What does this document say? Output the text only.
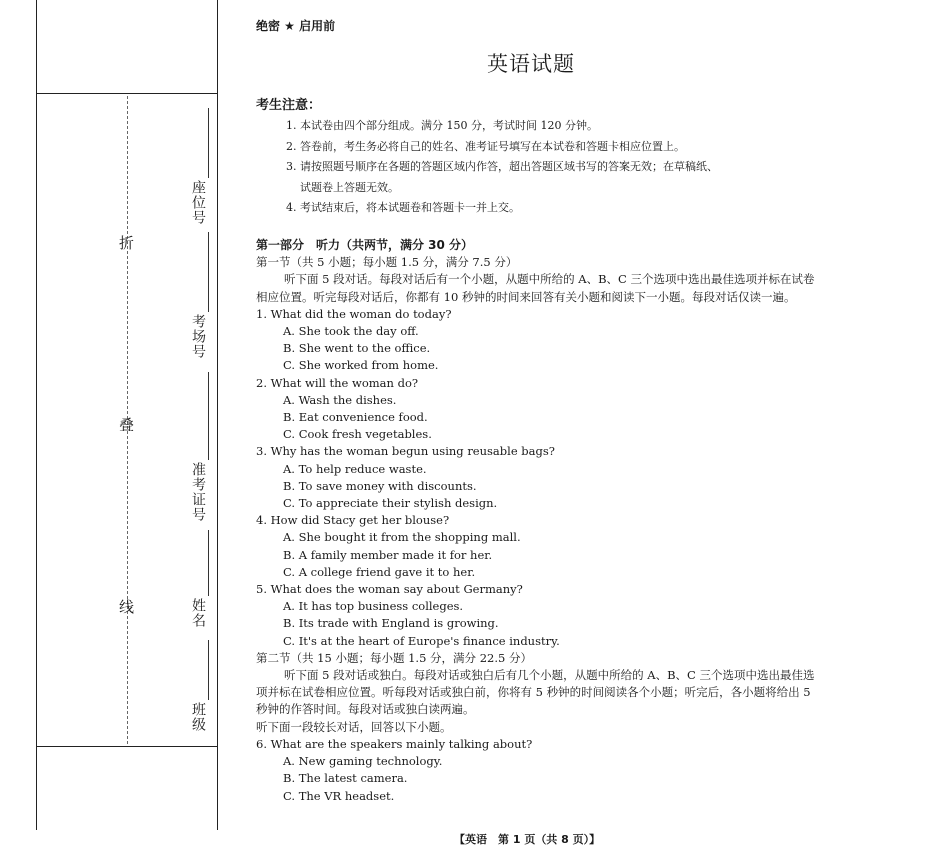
折
叠
线
座位号
考场号
准考证号
姓名
班级
绝密 ★ 启用前
英语试题
考生注意：
1. 本试卷由四个部分组成。满分 150 分，考试时间 120 分钟。
2. 答卷前，考生务必将自己的姓名、准考证号填写在本试卷和答题卡相应位置上。
3. 请按照题号顺序在各题的答题区域内作答，超出答题区域书写的答案无效；在草稿纸、
试题卷上答题无效。
4. 考试结束后，将本试题卷和答题卡一并上交。
第一部分　听力（共两节，满分 30 分）
第一节（共 5 小题；每小题 1.5 分，满分 7.5 分）
听下面 5 段对话。每段对话后有一个小题，从题中所给的 A、B、C 三个选项中选出最佳选项并标在试卷相应位置。听完每段对话后，你都有 10 秒钟的时间来回答有关小题和阅读下一小题。每段对话仅读一遍。
1. What did the woman do today?
A. She took the day off.
B. She went to the office.
C. She worked from home.
2. What will the woman do?
A. Wash the dishes.
B. Eat convenience food.
C. Cook fresh vegetables.
3. Why has the woman begun using reusable bags?
A. To help reduce waste.
B. To save money with discounts.
C. To appreciate their stylish design.
4. How did Stacy get her blouse?
A. She bought it from the shopping mall.
B. A family member made it for her.
C. A college friend gave it to her.
5. What does the woman say about Germany?
A. It has top business colleges.
B. Its trade with England is growing.
C. It's at the heart of Europe's finance industry.
第二节（共 15 小题；每小题 1.5 分，满分 22.5 分）
听下面 5 段对话或独白。每段对话或独白后有几个小题，从题中所给的 A、B、C 三个选项中选出最佳选项并标在试卷相应位置。听每段对话或独白前，你将有 5 秒钟的时间阅读各个小题；听完后，各小题将给出 5 秒钟的作答时间。每段对话或独白读两遍。
听下面一段较长对话，回答以下小题。
6. What are the speakers mainly talking about?
A. New gaming technology.
B. The latest camera.
C. The VR headset.
【英语　第 1 页（共 8 页）】
